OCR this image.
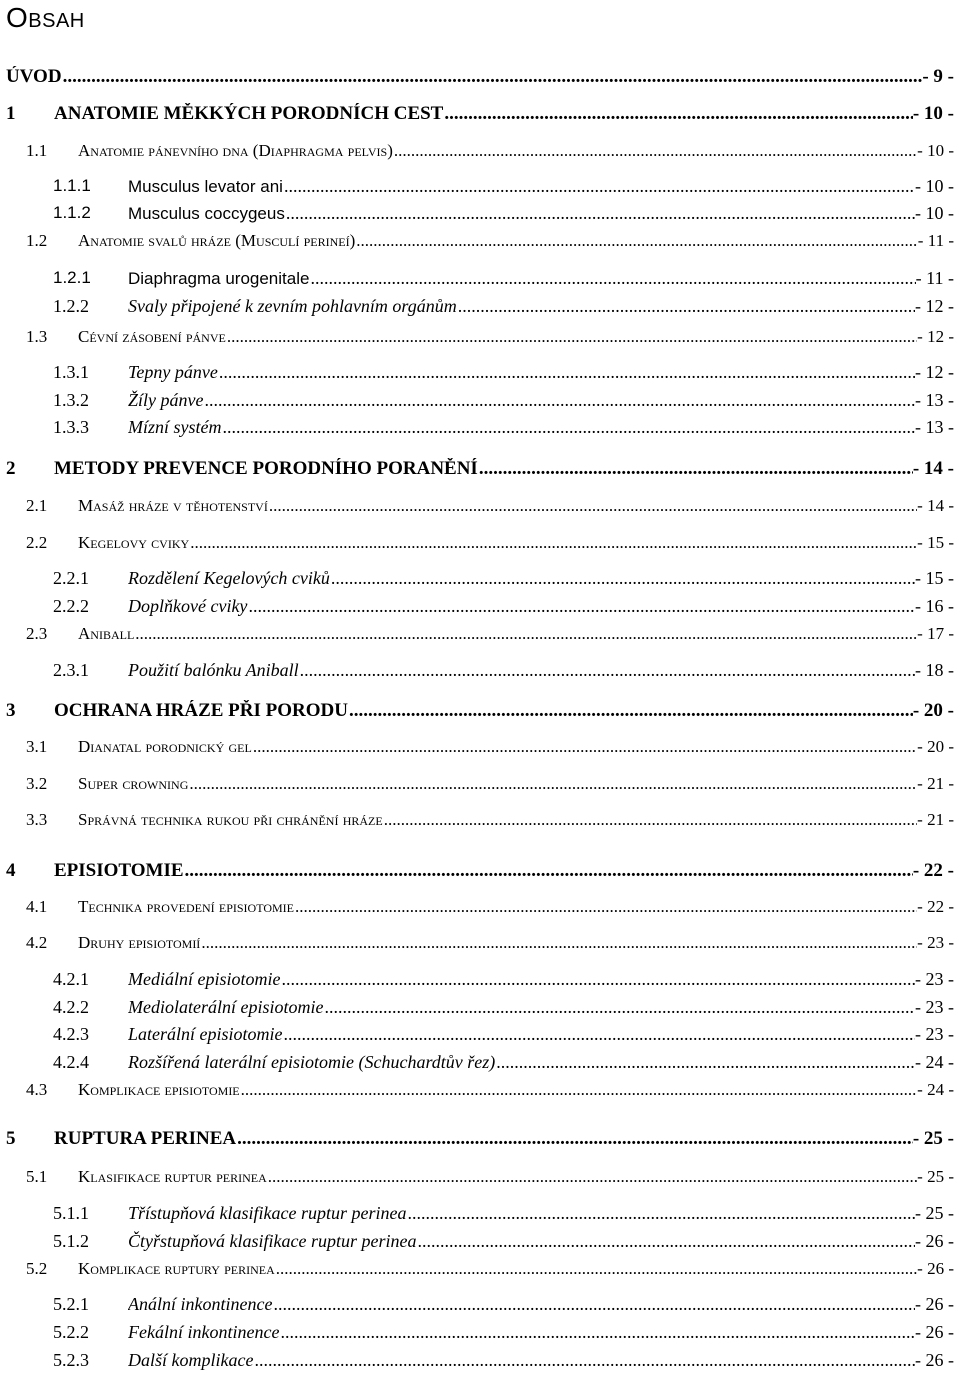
Obsah
ÚVOD .....	- 9 -
1 ANATOMIE MĚKKÝCH PORODNÍCH CEST .....	- 10 -
1.1 Anatomie pánevního dna (Diaphragma pelvis) .....	- 10 -
1.1.1 Musculus levator ani .....	- 10 -
1.1.2 Musculus coccygeus .....	- 10 -
1.2 Anatomie svalů hráze (Musculí perineí) .....	- 11 -
1.2.1 Diaphragma urogenitale .....	- 11 -
1.2.2 Svaly připojené k zevním pohlavním orgánům .....	- 12 -
1.3 Cévní zásobení pánve .....	- 12 -
1.3.1 Tepny pánve .....	- 12 -
1.3.2 Žíly pánve .....	- 13 -
1.3.3 Mízní systém .....	- 13 -
2 METODY PREVENCE PORODNÍHO PORANĚNÍ .....	- 14 -
2.1 Masáž hráze v těhotenství .....	- 14 -
2.2 Kegelovy cviky .....	- 15 -
2.2.1 Rozdělení Kegelových cviků .....	- 15 -
2.2.2 Doplňkové cviky .....	- 16 -
2.3 Aniball .....	- 17 -
2.3.1 Použití balónku Aniball .....	- 18 -
3 OCHRANA HRÁZE PŘI PORODU .....	- 20 -
3.1 Dianatal porodnický gel .....	- 20 -
3.2 Super crowning .....	- 21 -
3.3 Správná technika rukou při chránění hráze .....	- 21 -
4 EPISIOTOMIE .....	- 22 -
4.1 Technika provedení episiotomie .....	- 22 -
4.2 Druhy episiotomií .....	- 23 -
4.2.1 Mediální episiotomie .....	- 23 -
4.2.2 Mediolaterální episiotomie .....	- 23 -
4.2.3 Laterální episiotomie .....	- 23 -
4.2.4 Rozšířená laterální episiotomie (Schuchardtův řez) .....	- 24 -
4.3 Komplikace episiotomie .....	- 24 -
5 RUPTURA PERINEA .....	- 25 -
5.1 Klasifikace ruptur perinea .....	- 25 -
5.1.1 Třístupňová klasifikace ruptur perinea .....	- 25 -
5.1.2 Čtyřstupňová klasifikace ruptur perinea .....	- 26 -
5.2 Komplikace ruptury perinea .....	- 26 -
5.2.1 Anální inkontinence .....	- 26 -
5.2.2 Fekální inkontinence .....	- 26 -
5.2.3 Další komplikace .....	- 26 -
